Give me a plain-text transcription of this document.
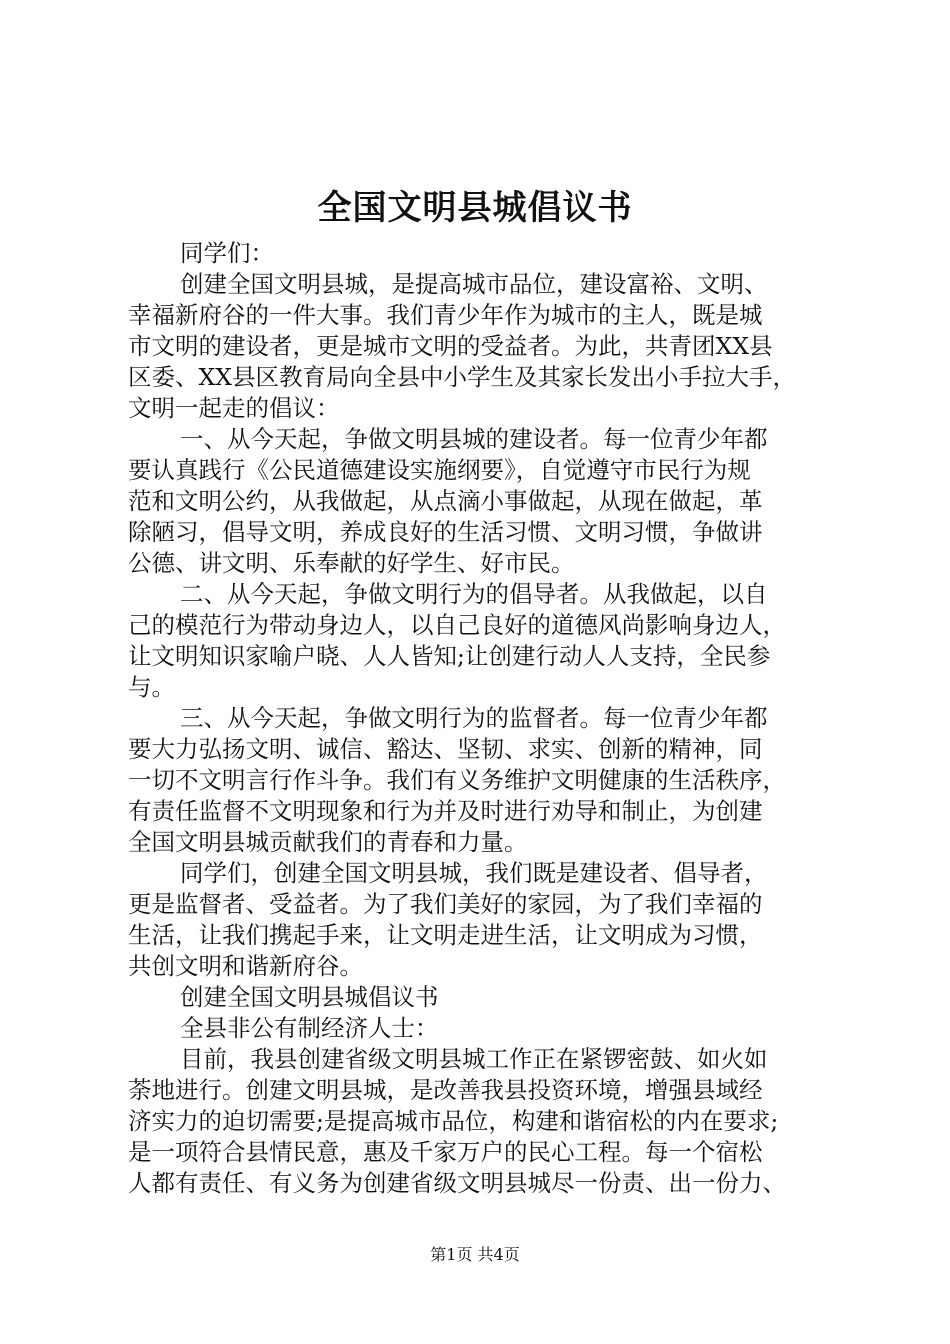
全国文明县城倡议书

同学们：

创建全国文明县城，是提高城市品位，建设富裕、文明、

幸福新府谷的一件大事。我们青少年作为城市的主人，既是城

市文明的建设者，更是城市文明的受益者。为此，共青团XX县

区委、XX县区教育局向全县中小学生及其家长发出小手拉大手，

文明一起走的倡议：

一、从今天起，争做文明县城的建设者。每一位青少年都

要认真践行《公民道德建设实施纲要》，自觉遵守市民行为规

范和文明公约，从我做起，从点滴小事做起，从现在做起，革

除陋习，倡导文明，养成良好的生活习惯、文明习惯，争做讲

公德、讲文明、乐奉献的好学生、好市民。

二、从今天起，争做文明行为的倡导者。从我做起，以自

己的模范行为带动身边人，以自己良好的道德风尚影响身边人，

让文明知识家喻户晓、人人皆知;让创建行动人人支持，全民参

与。

三、从今天起，争做文明行为的监督者。每一位青少年都

要大力弘扬文明、诚信、豁达、坚韧、求实、创新的精神，同

一切不文明言行作斗争。我们有义务维护文明健康的生活秩序，

有责任监督不文明现象和行为并及时进行劝导和制止，为创建

全国文明县城贡献我们的青春和力量。

同学们，创建全国文明县城，我们既是建设者、倡导者，

更是监督者、受益者。为了我们美好的家园，为了我们幸福的

生活，让我们携起手来，让文明走进生活，让文明成为习惯，

共创文明和谐新府谷。

创建全国文明县城倡议书

全县非公有制经济人士：

目前，我县创建省级文明县城工作正在紧锣密鼓、如火如

荼地进行。创建文明县城，是改善我县投资环境，增强县域经

济实力的迫切需要;是提高城市品位，构建和谐宿松的内在要求;

是一项符合县情民意，惠及千家万户的民心工程。每一个宿松

人都有责任、有义务为创建省级文明县城尽一份责、出一份力、

第1页 共4页
